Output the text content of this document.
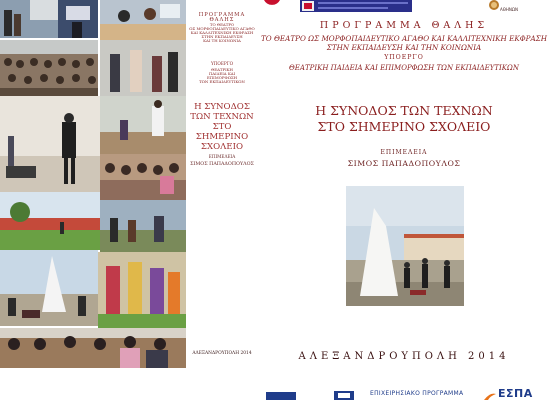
ΠΡΟΓΡΑΜΜΑ ΘΑΛΗΣ
ΤΟ ΘΕΑΤΡΟ
ΩΣ ΜΟΡΦΟΠΑΙΔΕΥΤΙΚΟ ΑΓΑΘΟ
ΚΑΙ ΚΑΛΛΙΤΕΧΝΙΚΗ ΕΚΦΡΑΣΗ
ΣΤΗΝ ΕΚΠΑΙΔΕΥΣΗ
ΚΑΙ ΤΗ ΚΟΙΝΩΝΙΑ
ΥΠΟΕΡΓΟ
ΘΕΑΤΡΙΚΗ
ΠΑΙΔΕΙΑ ΚΑΙ
ΕΠΙΜΟΡΦΩΣΗ
ΤΩΝ ΕΚΠΑΙΔΕΥΤΙΚΩΝ
Η ΣΥΝΟΔΟΣ
ΤΩΝ ΤΕΧΝΩΝ
ΣΤΟ ΣΗΜΕΡΙΝΟ
ΣΧΟΛΕΙΟ
ΕΠΙΜΕΛΕΙΑ
ΣΙΜΟΣ ΠΑΠΑΔΟΠΟΥΛΟΣ
ΑΛΕΞΑΝΔΡΟΥΠΟΛΗ 2014
ΑΘΗΝΩΝ
ΠΡΟΓΡΑΜΜΑ ΘΑΛΗΣ
ΤΟ ΘΕΑΤΡΟ ΩΣ ΜΟΡΦΟΠΑΙΔΕΥΤΙΚΟ ΑΓΑΘΟ ΚΑΙ ΚΑΛΛΙΤΕΧΝΙΚΗ ΕΚΦΡΑΣΗ
ΣΤΗΝ ΕΚΠΑΙΔΕΥΣΗ ΚΑΙ ΤΗΝ ΚΟΙΝΩΝΙΑ
ΥΠΟΕΡΓΟ
ΘΕΑΤΡΙΚΗ ΠΑΙΔΕΙΑ ΚΑΙ ΕΠΙΜΟΡΦΩΣΗ ΤΩΝ ΕΚΠΑΙΔΕΥΤΙΚΩΝ
Η ΣΥΝΟΔΟΣ ΤΩΝ ΤΕΧΝΩΝ
ΣΤΟ ΣΗΜΕΡΙΝΟ ΣΧΟΛΕΙΟ
ΕΠΙΜΕΛΕΙΑ
ΣΙΜΟΣ ΠΑΠΑΔΟΠΟΥΛΟΣ
ΑΛΕΞΑΝΔΡΟΥΠΟΛΗ 2014
ΕΠΙΧΕΙΡΗΣΙΑΚΟ ΠΡΟΓΡΑΜΜΑ	ΕΣΠΑ
